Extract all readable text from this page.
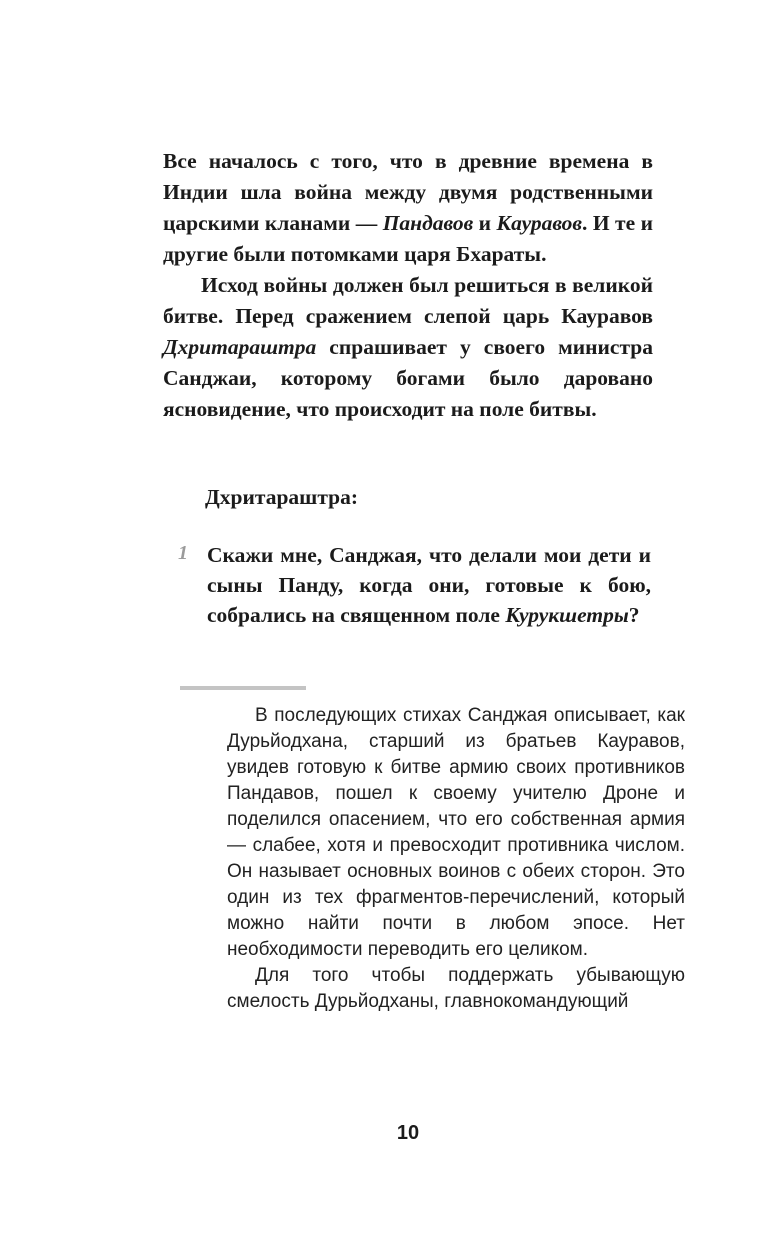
Все началось с того, что в древние времена в Индии шла война между двумя родственными царскими кланами — Пандавов и Кауравов. И те и другие были потомками царя Бхараты.

Исход войны должен был решиться в великой битве. Перед сражением слепой царь Кауравов Дхритараштра спрашивает у своего министра Санджаи, которому богами было даровано ясновидение, что происходит на поле битвы.

Дхритараштра:

1 Скажи мне, Санджая, что делали мои дети и сыны Панду, когда они, готовые к бою, собрались на священном поле Курукшетры?

В последующих стихах Санджая описывает, как Дурьйодхана, старший из братьев Кауравов, увидев готовую к битве армию своих противников Пандавов, пошел к своему учителю Дроне и поделился опасением, что его собственная армия — слабее, хотя и превосходит противника числом. Он называет основных воинов с обеих сторон. Это один из тех фрагментов-перечислений, который можно найти почти в любом эпосе. Нет необходимости переводить его целиком.

Для того чтобы поддержать убывающую смелость Дурьйодханы, главнокомандующий

10
